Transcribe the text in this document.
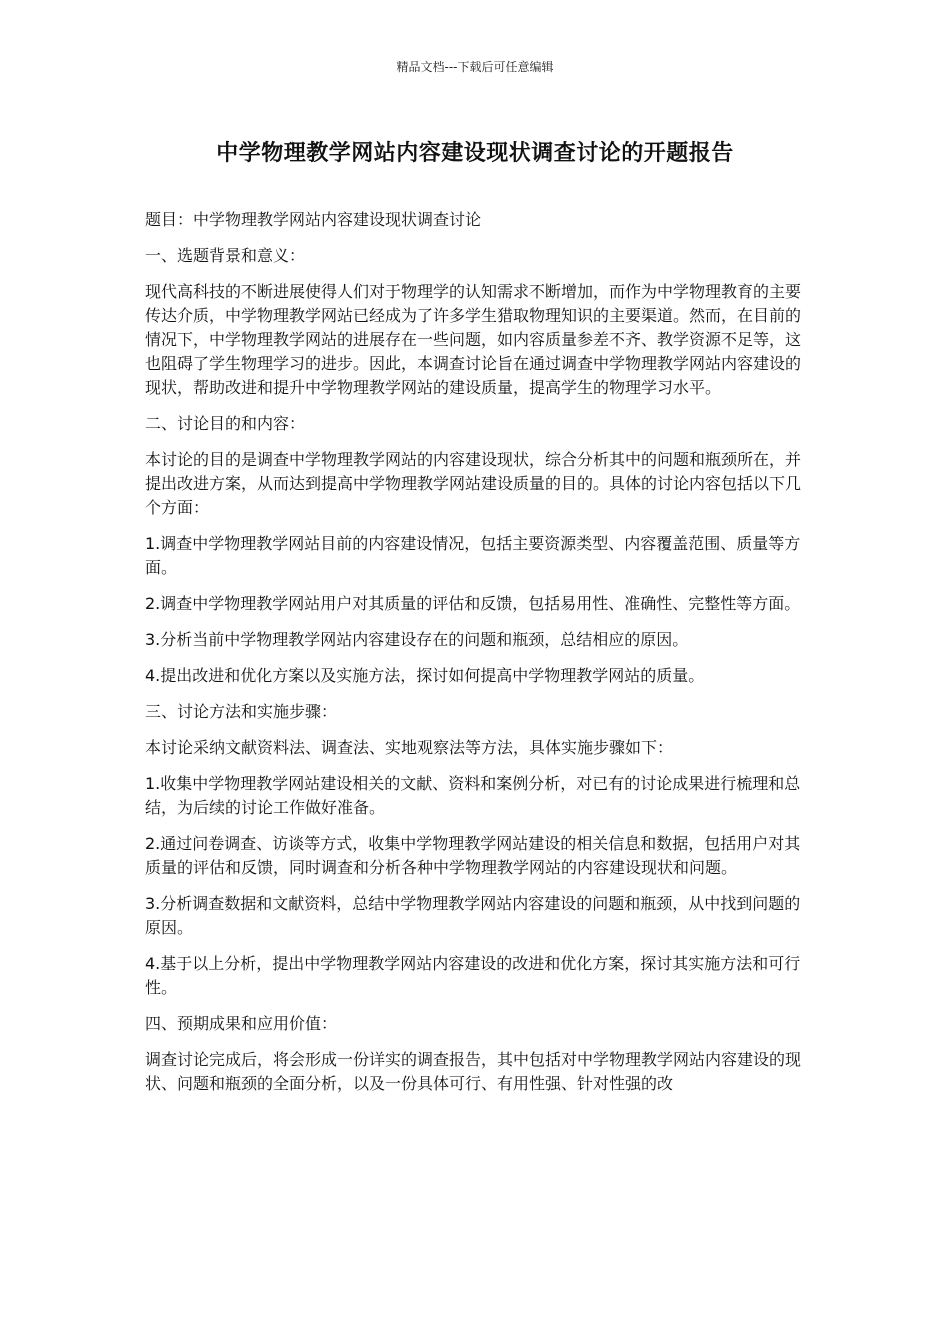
精品文档---下载后可任意编辑
中学物理教学网站内容建设现状调查讨论的开题报告

题目：中学物理教学网站内容建设现状调查讨论

一、选题背景和意义：

现代高科技的不断进展使得人们对于物理学的认知需求不断增加，而作为中学物理教育的主要传达介质，中学物理教学网站已经成为了许多学生猎取物理知识的主要渠道。然而，在目前的情况下，中学物理教学网站的进展存在一些问题，如内容质量参差不齐、教学资源不足等，这也阻碍了学生物理学习的进步。因此，本调查讨论旨在通过调查中学物理教学网站内容建设的现状，帮助改进和提升中学物理教学网站的建设质量，提高学生的物理学习水平。

二、讨论目的和内容：

本讨论的目的是调查中学物理教学网站的内容建设现状，综合分析其中的问题和瓶颈所在，并提出改进方案，从而达到提高中学物理教学网站建设质量的目的。具体的讨论内容包括以下几个方面：

1.调查中学物理教学网站目前的内容建设情况，包括主要资源类型、内容覆盖范围、质量等方面。

2.调查中学物理教学网站用户对其质量的评估和反馈，包括易用性、准确性、完整性等方面。

3.分析当前中学物理教学网站内容建设存在的问题和瓶颈，总结相应的原因。

4.提出改进和优化方案以及实施方法，探讨如何提高中学物理教学网站的质量。

三、讨论方法和实施步骤：

本讨论采纳文献资料法、调查法、实地观察法等方法，具体实施步骤如下：

1.收集中学物理教学网站建设相关的文献、资料和案例分析，对已有的讨论成果进行梳理和总结，为后续的讨论工作做好准备。

2.通过问卷调查、访谈等方式，收集中学物理教学网站建设的相关信息和数据，包括用户对其质量的评估和反馈，同时调查和分析各种中学物理教学网站的内容建设现状和问题。

3.分析调查数据和文献资料，总结中学物理教学网站内容建设的问题和瓶颈，从中找到问题的原因。

4.基于以上分析，提出中学物理教学网站内容建设的改进和优化方案，探讨其实施方法和可行性。

四、预期成果和应用价值：

调查讨论完成后，将会形成一份详实的调查报告，其中包括对中学物理教学网站内容建设的现状、问题和瓶颈的全面分析，以及一份具体可行、有用性强、针对性强的改
